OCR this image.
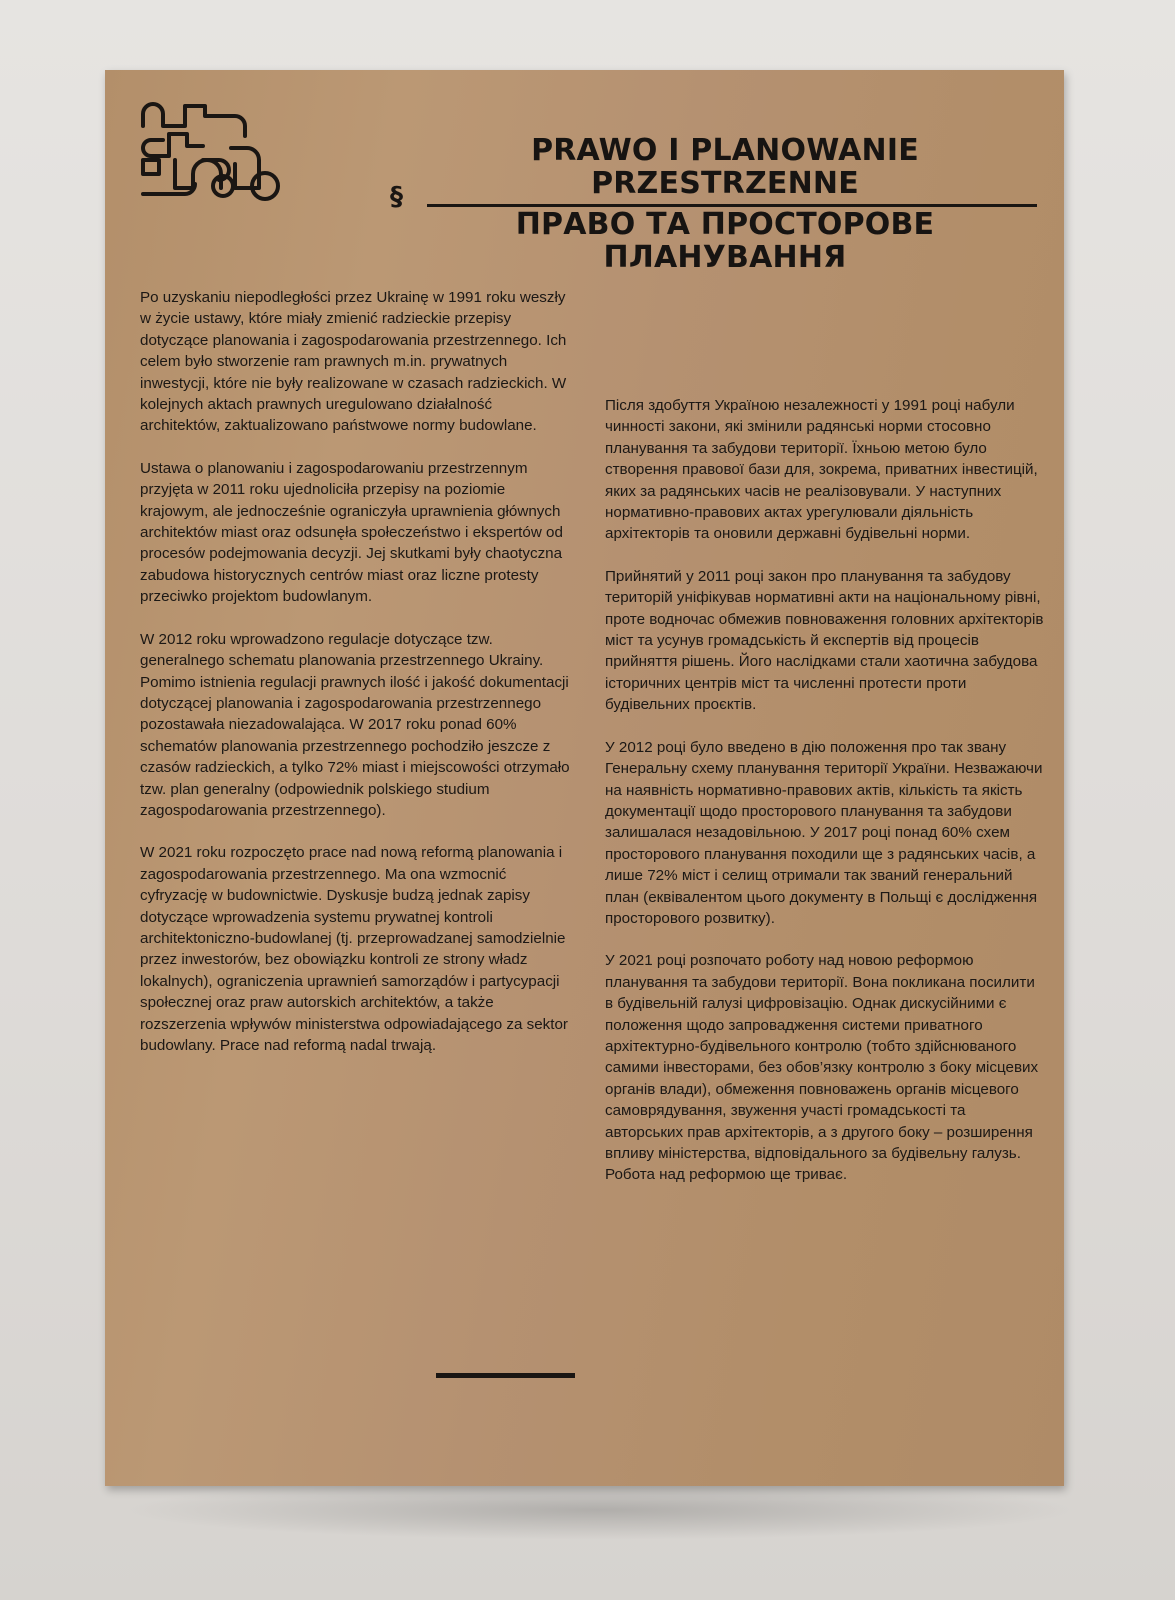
PRAWO I PLANOWANIE PRZESTRZENNE
§
ПРАВО ТА ПРОСТОРОВЕ ПЛАНУВАННЯ

Po uzyskaniu niepodległości przez Ukrainę w 1991 roku weszły w życie ustawy, które miały zmienić radzieckie przepisy dotyczące planowania i zagospodarowania przestrzennego. Ich celem było stworzenie ram prawnych m.in. prywatnych inwestycji, które nie były realizowane w czasach radzieckich. W kolejnych aktach prawnych uregulowano działalność architektów, zaktualizowano państwowe normy budowlane.

Ustawa o planowaniu i zagospodarowaniu przestrzennym przyjęta w 2011 roku ujednoliciła przepisy na poziomie krajowym, ale jednocześnie ograniczyła uprawnienia głównych architektów miast oraz odsunęła społeczeństwo i ekspertów od procesów podejmowania decyzji. Jej skutkami były chaotyczna zabudowa historycznych centrów miast oraz liczne protesty przeciwko projektom budowlanym.

W 2012 roku wprowadzono regulacje dotyczące tzw. generalnego schematu planowania przestrzennego Ukrainy. Pomimo istnienia regulacji prawnych ilość i jakość dokumentacji dotyczącej planowania i zagospodarowania przestrzennego pozostawała niezadowalająca. W 2017 roku ponad 60% schematów planowania przestrzennego pochodziło jeszcze z czasów radzieckich, a tylko 72% miast i miejscowości otrzymało tzw. plan generalny (odpowiednik polskiego studium zagospodarowania przestrzennego).

W 2021 roku rozpoczęto prace nad nową reformą planowania i zagospodarowania przestrzennego. Ma ona wzmocnić cyfryzację w budownictwie. Dyskusje budzą jednak zapisy dotyczące wprowadzenia systemu prywatnej kontroli architektoniczno-budowlanej (tj. przeprowadzanej samodzielnie przez inwestorów, bez obowiązku kontroli ze strony władz lokalnych), ograniczenia uprawnień samorządów i partycypacji społecznej oraz praw autorskich architektów, a także rozszerzenia wpływów ministerstwa odpowiadającego za sektor budowlany. Prace nad reformą nadal trwają.

Після здобуття Україною незалежності у 1991 році набули чинності закони, які змінили радянські норми стосовно планування та забудови території. Їхньою метою було створення правової бази для, зокрема, приватних інвестицій, яких за радянських часів не реалізовували. У наступних нормативно-правових актах урегулювали діяльність архітекторів та оновили державні будівельні норми.

Прийнятий у 2011 році закон про планування та забудову територій уніфікував нормативні акти на національному рівні, проте водночас обмежив повноваження головних архітекторів міст та усунув громадськість й експертів від процесів прийняття рішень. Його наслідками стали хаотична забудова історичних центрів міст та численні протести проти будівельних проєктів.

У 2012 році було введено в дію положення про так звану Генеральну схему планування території України. Незважаючи на наявність нормативно-правових актів, кількість та якість документації щодо просторового планування та забудови залишалася незадовільною. У 2017 році понад 60% схем просторового планування походили ще з радянських часів, а лише 72% міст і селищ отримали так званий генеральний план (еквівалентом цього документу в Польщі є дослідження просторового розвитку).

У 2021 році розпочато роботу над новою реформою планування та забудови території. Вона покликана посилити в будівельній галузі цифровізацію. Однак дискусійними є положення щодо запровадження системи приватного архітектурно-будівельного контролю (тобто здійснюваного самими інвесторами, без обов’язку контролю з боку місцевих органів влади), обмеження повноважень органів місцевого самоврядування, звуження участі громадськості та авторських прав архітекторів, а з другого боку – розширення впливу міністерства, відповідального за будівельну галузь. Робота над реформою ще триває.
